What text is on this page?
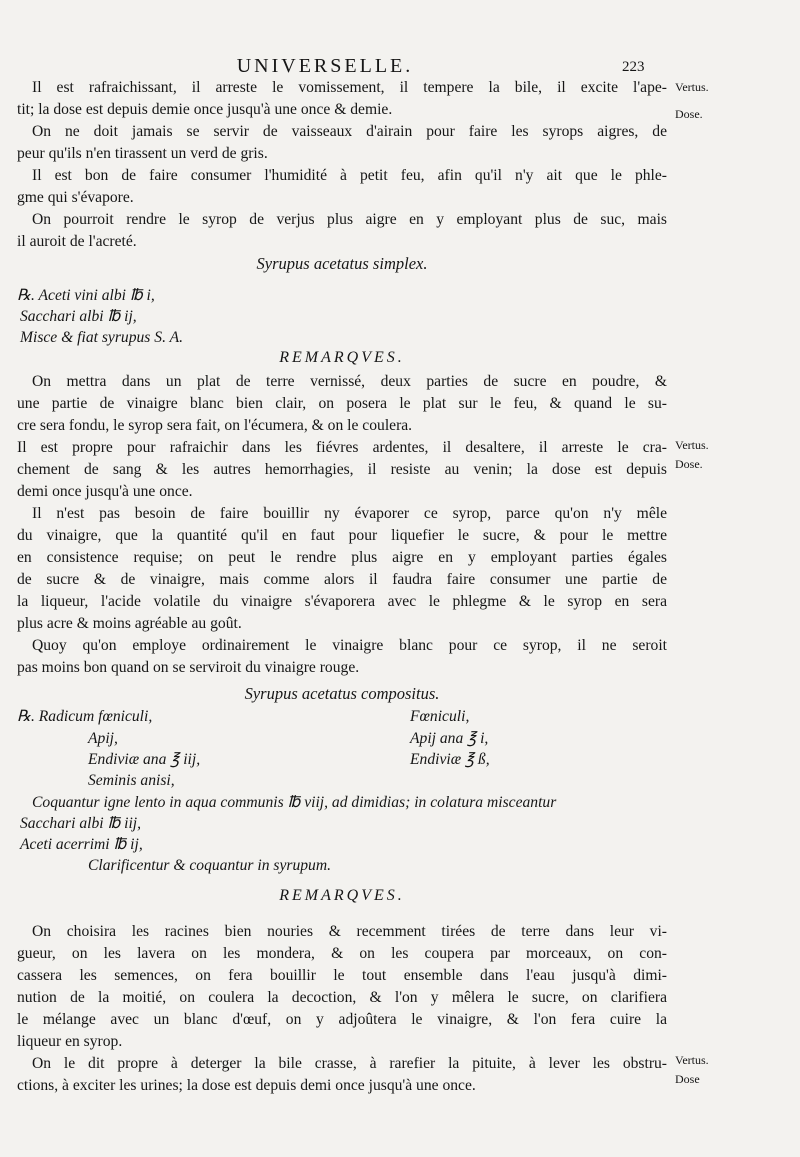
UNIVERSELLE.	223
Vertus.
Dose.
Vertus.
Dose.
Vertus.
Dose
Il est rafraichissant, il arreste le vomissement, il tempere la bile, il excite l'ape-
tit; la dose est depuis demie once jusqu'à une once & demie.
On ne doit jamais se servir de vaisseaux d'airain pour faire les syrops aigres, de
peur qu'ils n'en tirassent un verd de gris.
Il est bon de faire consumer l'humidité à petit feu, afin qu'il n'y ait que le phle-
gme qui s'évapore.
On pourroit rendre le syrop de verjus plus aigre en y employant plus de suc, mais
il auroit de l'acreté.
Syrupus acetatus simplex.
℞. Aceti vini albi ℔ i,
Sacchari albi ℔ ij,
Misce & fiat syrupus S. A.
REMARQVES.
On mettra dans un plat de terre vernissé, deux parties de sucre en poudre, &
une partie de vinaigre blanc bien clair, on posera le plat sur le feu, & quand le su-
cre sera fondu, le syrop sera fait, on l'écumera, & on le coulera.
Il est propre pour rafraichir dans les fiévres ardentes, il desaltere, il arreste le cra-
chement de sang & les autres hemorrhagies, il resiste au venin; la dose est depuis
demi once jusqu'à une once.
Il n'est pas besoin de faire bouillir ny évaporer ce syrop, parce qu'on n'y mêle
du vinaigre, que la quantité qu'il en faut pour liquefier le sucre, & pour le mettre
en consistence requise; on peut le rendre plus aigre en y employant parties égales
de sucre & de vinaigre, mais comme alors il faudra faire consumer une partie de
la liqueur, l'acide volatile du vinaigre s'évaporera avec le phlegme & le syrop en sera
plus acre & moins agréable au goût.
Quoy qu'on employe ordinairement le vinaigre blanc pour ce syrop, il ne seroit
pas moins bon quand on se serviroit du vinaigre rouge.
Syrupus acetatus compositus.
℞. Radicum fœniculi,
Apij,
Endiviæ ana ℥ iij,
Seminis anisi,
Fœniculi,
Apij ana ℥ i,
Endiviæ ℥ ß,
Coquantur igne lento in aqua communis ℔ viij, ad dimidias; in colatura misceantur
Sacchari albi ℔ iij,
Aceti acerrimi ℔ ij,
Clarificentur & coquantur in syrupum.
REMARQVES.
On choisira les racines bien nouries & recemment tirées de terre dans leur vi-
gueur, on les lavera on les mondera, & on les coupera par morceaux, on con-
cassera les semences, on fera bouillir le tout ensemble dans l'eau jusqu'à dimi-
nution de la moitié, on coulera la decoction, & l'on y mêlera le sucre, on clarifiera
le mélange avec un blanc d'œuf, on y adjoûtera le vinaigre, & l'on fera cuire la
liqueur en syrop.
On le dit propre à deterger la bile crasse, à rarefier la pituite, à lever les obstru-
ctions, à exciter les urines; la dose est depuis demi once jusqu'à une once.
